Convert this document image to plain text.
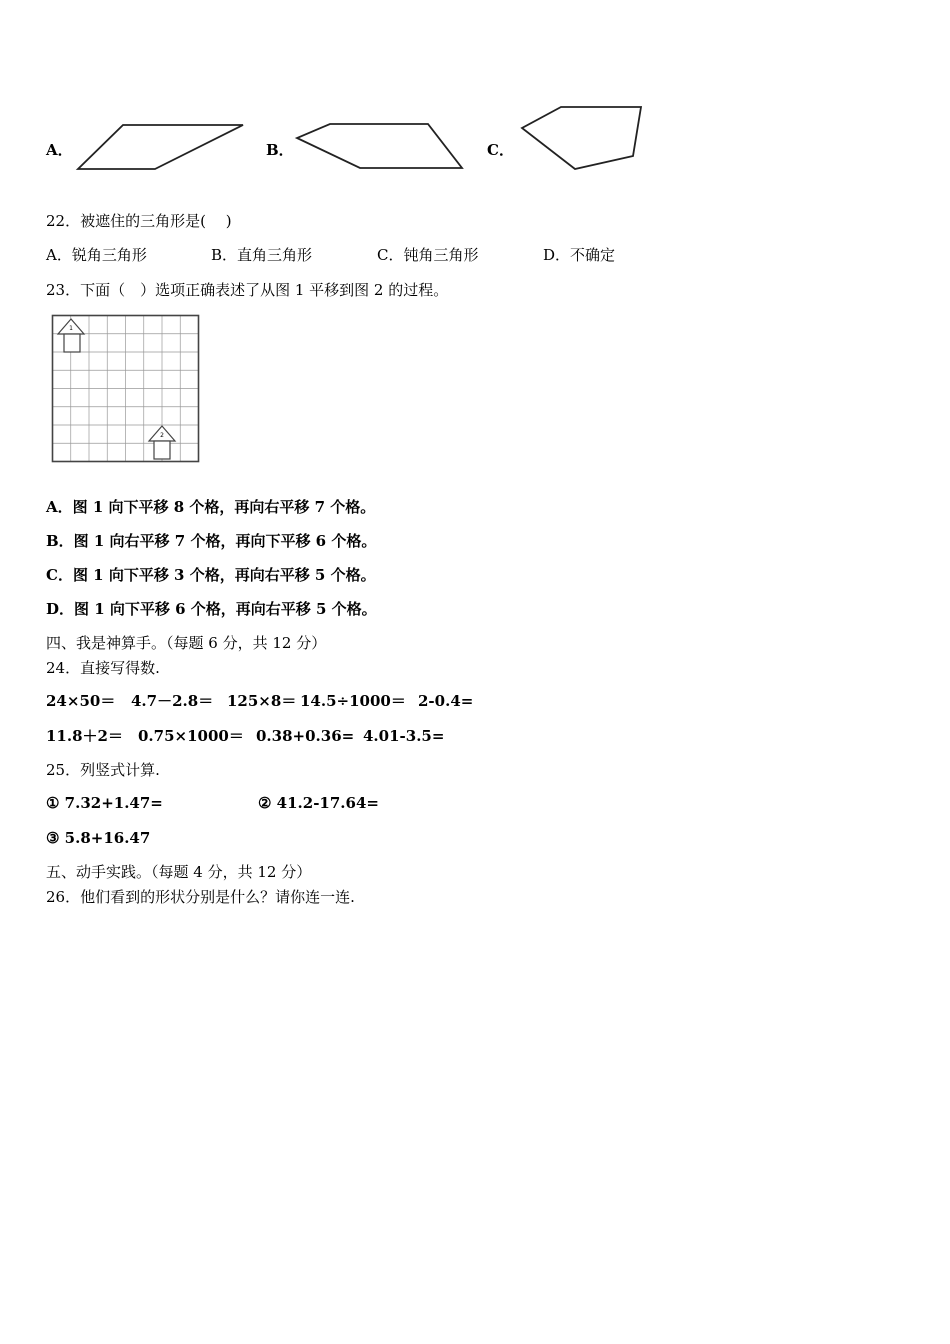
A．	B．	C．
22．被遮住的三角形是(　 )
A．锐角三角形	B．直角三角形	C．钝角三角形	D．不确定
23．下面（　）选项正确表述了从图 1 平移到图 2 的过程。
1
2
A．图 1 向下平移 8 个格，再向右平移 7 个格。
B．图 1 向右平移 7 个格，再向下平移 6 个格。
C．图 1 向下平移 3 个格，再向右平移 5 个格。
D．图 1 向下平移 6 个格，再向右平移 5 个格。
四、我是神算手。（每题 6 分，共 12 分）
24．直接写得数.
24×50＝ 4.7－2.8＝ 125×8＝ 14.5÷1000＝ 2-0.4=
11.8＋2＝ 0.75×1000＝ 0.38+0.36= 4.01-3.5=
25．列竖式计算.
① 7.32+1.47=	② 41.2-17.64=
③ 5.8+16.47
五、动手实践。（每题 4 分，共 12 分）
26．他们看到的形状分别是什么？请你连一连.
